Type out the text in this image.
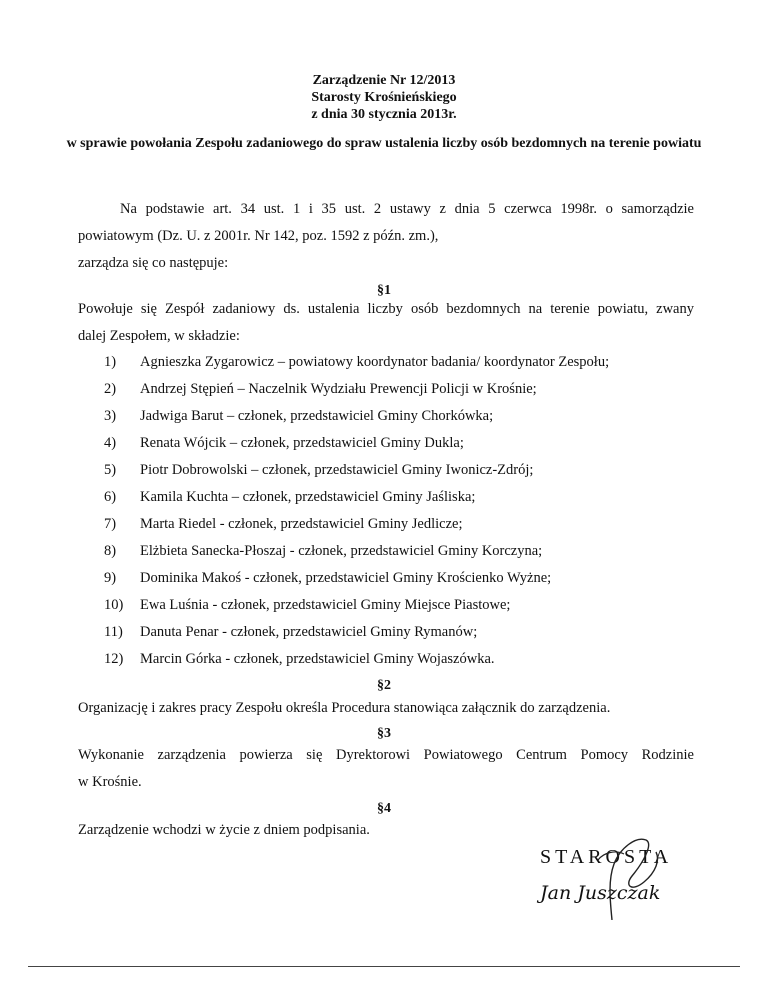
Zarządzenie Nr 12/2013
Starosty Krośnieńskiego
z dnia 30 stycznia 2013r.
w sprawie powołania Zespołu zadaniowego do spraw ustalenia liczby osób bezdomnych na terenie powiatu
Na podstawie art. 34 ust. 1 i 35 ust. 2 ustawy z dnia 5 czerwca 1998r. o samorządzie
powiatowym (Dz. U. z 2001r. Nr 142, poz. 1592 z późn. zm.),
zarządza się co następuje:
§1
Powołuje się Zespół zadaniowy ds. ustalenia liczby osób bezdomnych na terenie powiatu, zwany
dalej Zespołem, w składzie:
1) Agnieszka Zygarowicz – powiatowy koordynator badania/ koordynator Zespołu;
2) Andrzej Stępień – Naczelnik Wydziału Prewencji Policji w Krośnie;
3) Jadwiga Barut – członek, przedstawiciel Gminy Chorkówka;
4) Renata Wójcik – członek, przedstawiciel Gminy Dukla;
5) Piotr Dobrowolski – członek, przedstawiciel Gminy Iwonicz-Zdrój;
6) Kamila Kuchta – członek, przedstawiciel Gminy Jaśliska;
7) Marta Riedel - członek, przedstawiciel Gminy Jedlicze;
8) Elżbieta Sanecka-Płoszaj - członek, przedstawiciel Gminy Korczyna;
9) Dominika Makoś - członek, przedstawiciel Gminy Krościenko Wyżne;
10) Ewa Luśnia - członek, przedstawiciel Gminy Miejsce Piastowe;
11) Danuta Penar - członek, przedstawiciel Gminy Rymanów;
12) Marcin Górka - członek, przedstawiciel Gminy Wojaszówka.
§2
Organizację i zakres pracy Zespołu określa Procedura stanowiąca załącznik do zarządzenia.
§3
Wykonanie zarządzenia powierza się Dyrektorowi Powiatowego Centrum Pomocy Rodzinie
w Krośnie.
§4
Zarządzenie wchodzi w życie z dniem podpisania.
STAROSTA
Jan Juszczak
